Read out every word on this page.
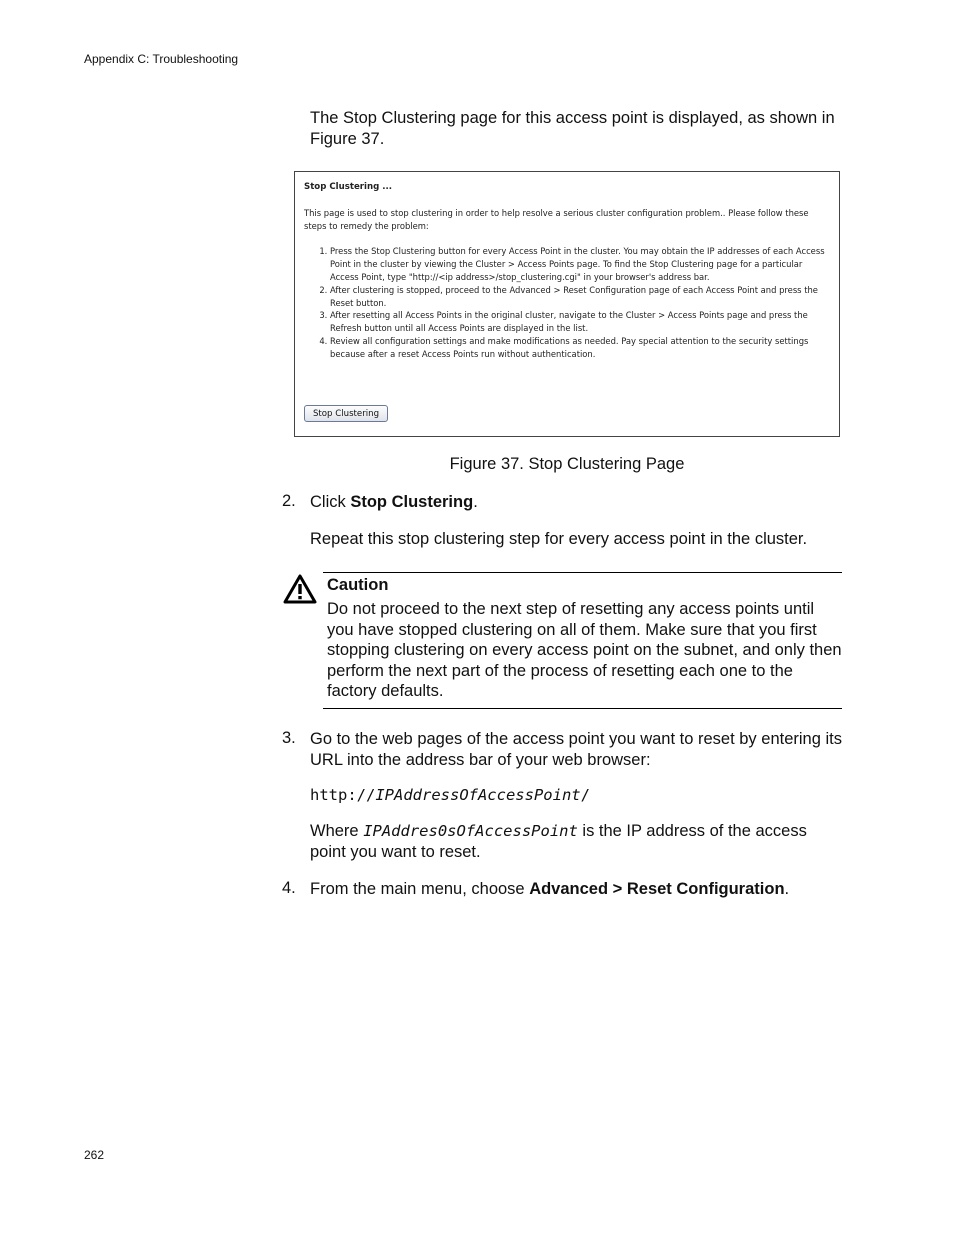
Appendix C: Troubleshooting
The Stop Clustering page for this access point is displayed, as shown in Figure 37.
Stop Clustering ...
This page is used to stop clustering in order to help resolve a serious cluster configuration problem.. Please follow these steps to remedy the problem:
1. Press the Stop Clustering button for every Access Point in the cluster. You may obtain the IP addresses of each Access Point in the cluster by viewing the Cluster > Access Points page. To find the Stop Clustering page for a particular Access Point, type "http://<ip address>/stop_clustering.cgi" in your browser's address bar.
2. After clustering is stopped, proceed to the Advanced > Reset Configuration page of each Access Point and press the Reset button.
3. After resetting all Access Points in the original cluster, navigate to the Cluster > Access Points page and press the Refresh button until all Access Points are displayed in the list.
4. Review all configuration settings and make modifications as needed. Pay special attention to the security settings because after a reset Access Points run without authentication.
Stop Clustering
Figure 37. Stop Clustering Page
2. Click Stop Clustering.
Repeat this stop clustering step for every access point in the cluster.
Caution
Do not proceed to the next step of resetting any access points until you have stopped clustering on all of them. Make sure that you first stopping clustering on every access point on the subnet, and only then perform the next part of the process of resetting each one to the factory defaults.
3. Go to the web pages of the access point you want to reset by entering its URL into the address bar of your web browser:
http://IPAddressOfAccessPoint/
Where IPAddres0sOfAccessPoint is the IP address of the access point you want to reset.
4. From the main menu, choose Advanced > Reset Configuration.
262
